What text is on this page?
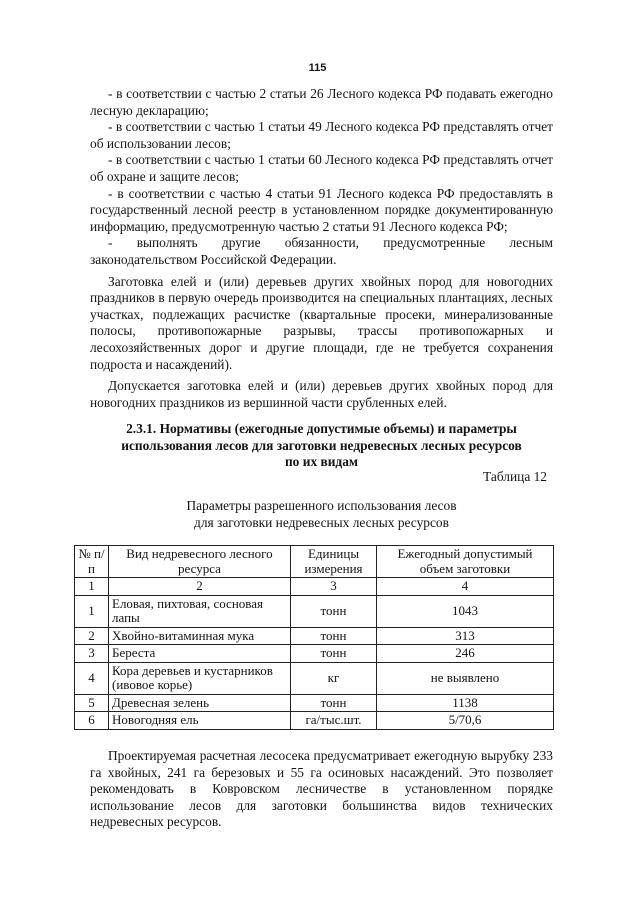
115

- в соответствии с частью 2 статьи 26 Лесного кодекса РФ подавать ежегодно лесную декларацию;

- в соответствии с частью 1 статьи 49 Лесного кодекса РФ представлять отчет об использовании лесов;

- в соответствии с частью 1 статьи 60 Лесного кодекса РФ представлять отчет об охране и защите лесов;

- в соответствии с частью 4 статьи 91 Лесного кодекса РФ предоставлять в государственный лесной реестр в установленном порядке документированную информацию, предусмотренную частью 2 статьи 91 Лесного кодекса РФ;

- выполнять другие обязанности, предусмотренные лесным законодательством Российской Федерации.

Заготовка елей и (или) деревьев других хвойных пород для новогодних праздников в первую очередь производится на специальных плантациях, лесных участках, подлежащих расчистке (квартальные просеки, минерализованные полосы, противопожарные разрывы, трассы противопожарных и лесохозяйственных дорог и другие площади, где не требуется сохранения подроста и насаждений).

Допускается заготовка елей и (или) деревьев других хвойных пород для новогодних праздников из вершинной части срубленных елей.

2.3.1. Нормативы (ежегодные допустимые объемы) и параметры

использования лесов для заготовки недревесных лесных ресурсов

по их видам

Таблица 12

Параметры разрешенного использования лесов

для заготовки недревесных лесных ресурсов

№ п/п	Вид недревесного лесного ресурса	Единицы измерения	Ежегодный допустимый объем заготовки
1	2	3	4
1	Еловая, пихтовая, сосновая лапы	тонн	1043
2	Хвойно-витаминная мука	тонн	313
3	Береста	тонн	246
4	Кора деревьев и кустарников (ивовое корье)	кг	не выявлено
5	Древесная зелень	тонн	1138
6	Новогодняя ель	га/тыс.шт.	5/70,6

Проектируемая расчетная лесосека предусматривает ежегодную вырубку 233 га хвойных, 241 га березовых и 55 га осиновых насаждений. Это позволяет рекомендовать в Ковровском лесничестве в установленном порядке использование лесов для заготовки большинства видов технических недревесных ресурсов.
